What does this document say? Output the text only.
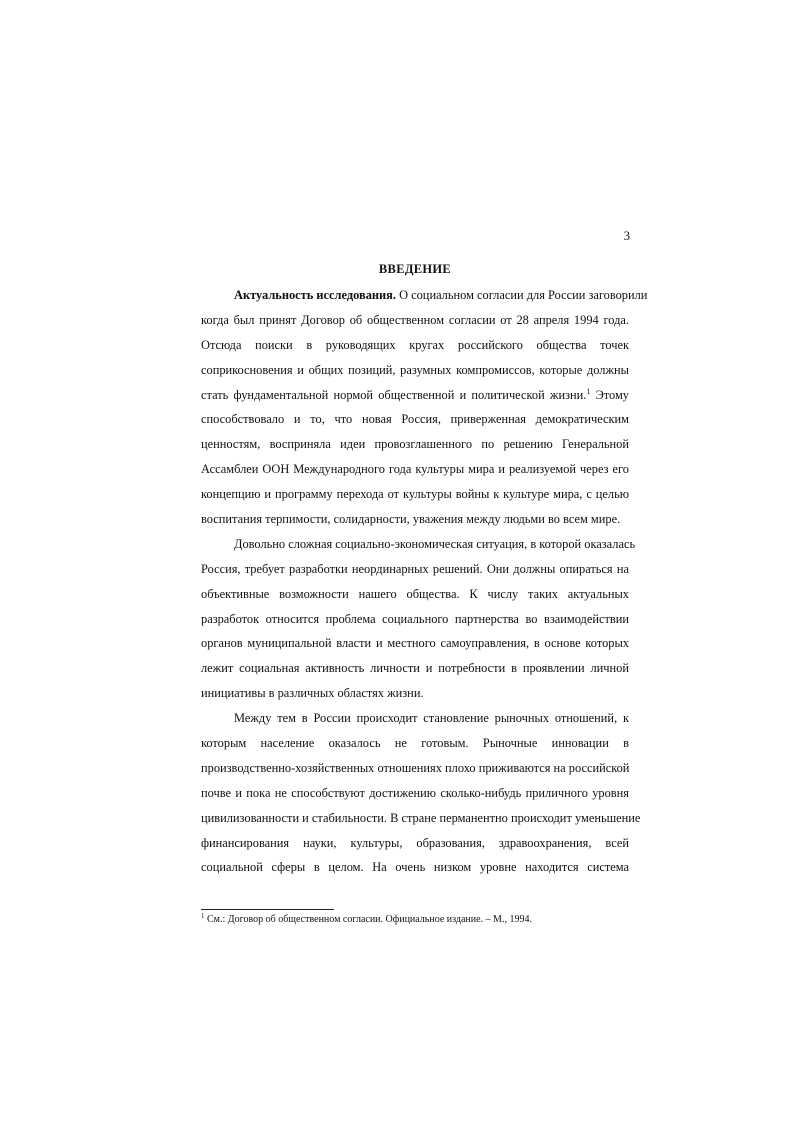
3
ВВЕДЕНИЕ
Актуальность исследования. О социальном согласии для России заговорили
когда был принят Договор об общественном согласии от 28 апреля 1994 года.
Отсюда поиски в руководящих кругах российского общества точек
соприкосновения и общих позиций, разумных компромиссов, которые должны
стать фундаментальной нормой общественной и политической жизни.$^1$ Этому
способствовало и то, что новая Россия, приверженная демократическим
ценностям, восприняла идеи провозглашенного по решению Генеральной
Ассамблеи ООН Международного года культуры мира и реализуемой через его
концепцию и программу перехода от культуры войны к культуре мира, с целью
воспитания терпимости, солидарности, уважения между людьми во всем мире.
Довольно сложная социально-экономическая ситуация, в которой оказалась
Россия, требует разработки неординарных решений. Они должны опираться на
объективные возможности нашего общества. К числу таких актуальных
разработок относится проблема социального партнерства во взаимодействии
органов муниципальной власти и местного самоуправления, в основе которых
лежит социальная активность личности и потребности в проявлении личной
инициативы в различных областях жизни.
Между тем в России происходит становление рыночных отношений, к
которым население оказалось не готовым. Рыночные инновации в
производственно-хозяйственных отношениях плохо приживаются на российской
почве и пока не способствуют достижению сколько-нибудь приличного уровня
цивилизованности и стабильности. В стране перманентно происходит уменьшение
финансирования науки, культуры, образования, здравоохранения, всей
социальной сферы в целом. На очень низком уровне находится система
$^1$ См.: Договор об общественном согласии. Официальное издание. – М., 1994.
